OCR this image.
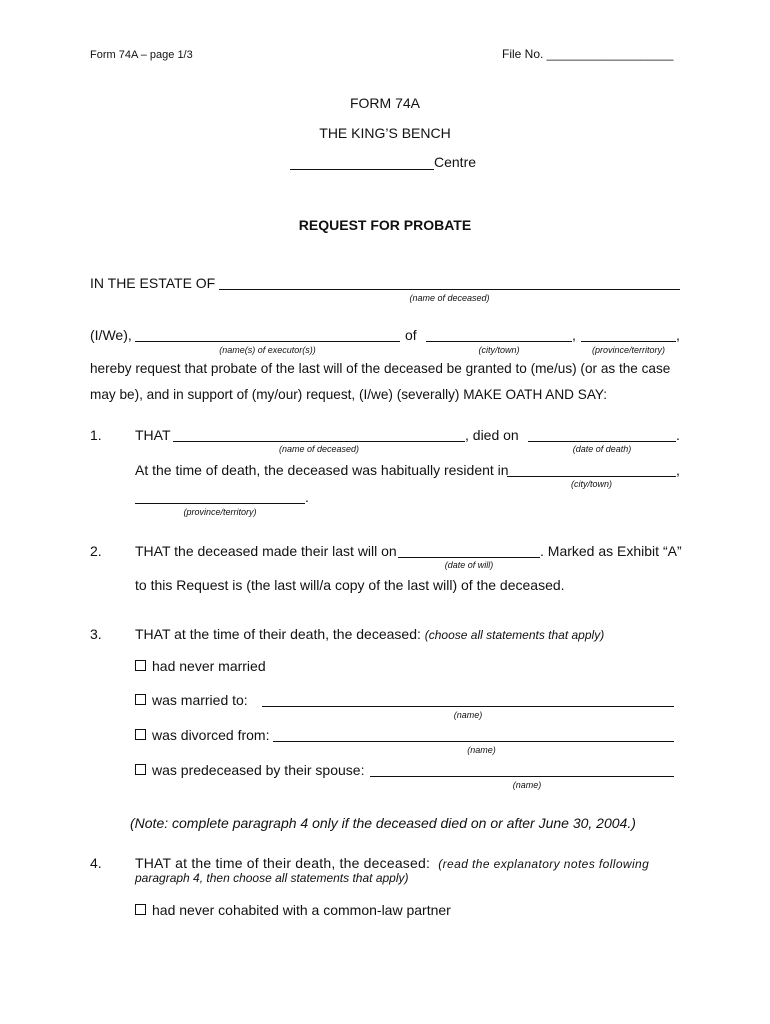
Form 74A – page 1/3	File No. ___________________
FORM 74A
THE KING’S BENCH
Centre
REQUEST FOR PROBATE
IN THE ESTATE OF
(name of deceased)
(I/We),
(name(s) of executor(s))
of	,
(city/town)
,
(province/territory)
hereby request that probate of the last will of the deceased be granted to (me/us) (or as the case
may be), and in support of (my/our) request, (I/we) (severally) MAKE OATH AND SAY:
1. THAT
(name of deceased)
, died on	.
(date of death)
At the time of death, the deceased was habitually resident in	,
(city/town)
.
(province/territory)
2. THAT the deceased made their last will on	. Marked as Exhibit “A”
(date of will)
to this Request is (the last will/a copy of the last will) of the deceased.
3. THAT at the time of their death, the deceased: (choose all statements that apply)
had never married
was married to:
(name)
was divorced from:
(name)
was predeceased by their spouse:
(name)
(Note: complete paragraph 4 only if the deceased died on or after June 30, 2004.)
4. THAT at the time of their death, the deceased: (read the explanatory notes following
paragraph 4, then choose all statements that apply)
had never cohabited with a common-law partner
